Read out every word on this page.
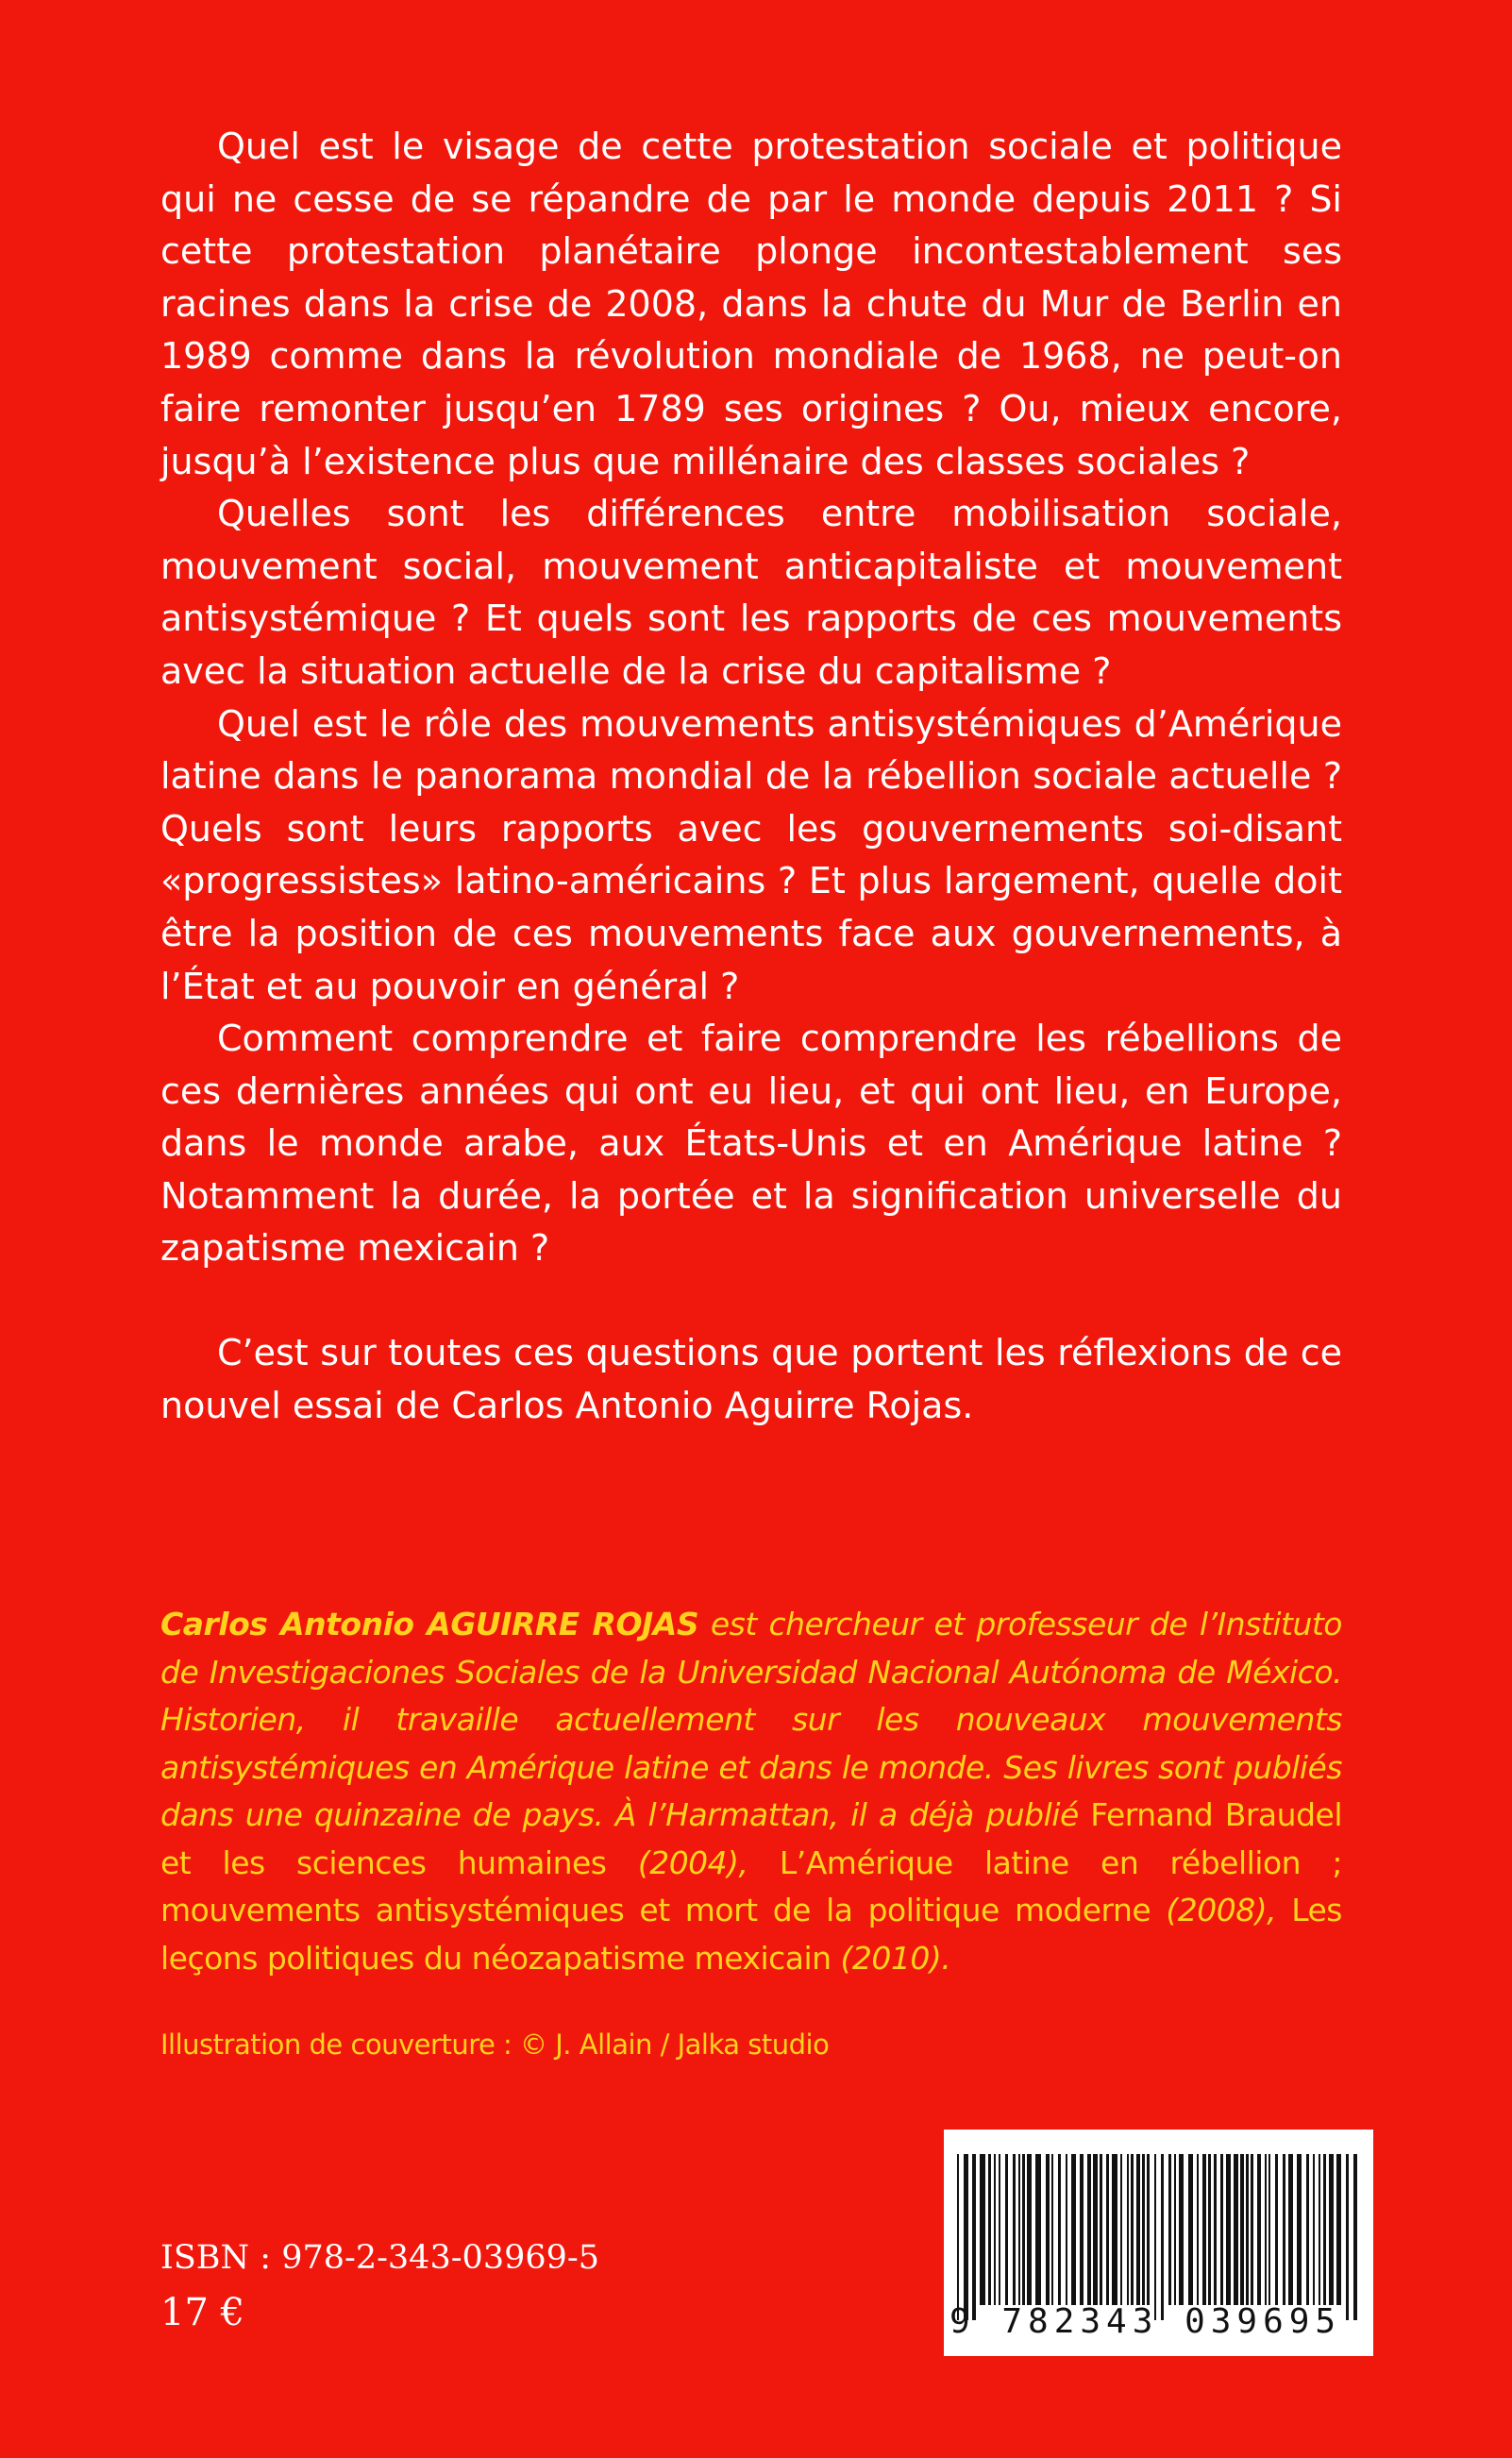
Quel est le visage de cette protestation sociale et politique qui ne cesse de se répandre de par le monde depuis 2011 ? Si cette protestation planétaire plonge incontestablement ses racines dans la crise de 2008, dans la chute du Mur de Berlin en 1989 comme dans la révolution mondiale de 1968, ne peut-on faire remonter jusqu’en 1789 ses origines ? Ou, mieux encore, jusqu’à l’existence plus que millénaire des classes sociales ?

Quelles sont les différences entre mobilisation sociale, mouvement social, mouvement anticapitaliste et mouvement antisystémique ? Et quels sont les rapports de ces mouvements avec la situation actuelle de la crise du capitalisme ?

Quel est le rôle des mouvements antisystémiques d’Amérique latine dans le panorama mondial de la rébellion sociale actuelle ? Quels sont leurs rapports avec les gouvernements soi-disant «progressistes» latino-américains ? Et plus largement, quelle doit être la position de ces mouvements face aux gouvernements, à l’État et au pouvoir en général ?

Comment comprendre et faire comprendre les rébellions de ces dernières années qui ont eu lieu, et qui ont lieu, en Europe, dans le monde arabe, aux États-Unis et en Amérique latine ? Notamment la durée, la portée et la signification universelle du zapatisme mexicain ?

C’est sur toutes ces questions que portent les réflexions de ce nouvel essai de Carlos Antonio Aguirre Rojas.

Carlos Antonio AGUIRRE ROJAS est chercheur et professeur de l’Instituto de Investigaciones Sociales de la Universidad Nacional Autónoma de México. Historien, il travaille actuellement sur les nouveaux mouvements antisystémiques en Amérique latine et dans le monde. Ses livres sont publiés dans une quinzaine de pays. À l’Harmattan, il a déjà publié Fernand Braudel et les sciences humaines (2004), L’Amérique latine en rébellion ; mouvements antisystémiques et mort de la politique moderne (2008), Les leçons politiques du néozapatisme mexicain (2010).
Illustration de couverture : © J. Allain / Jalka studio
ISBN : 978-2-343-03969-5
17 €	9 782343 039695
